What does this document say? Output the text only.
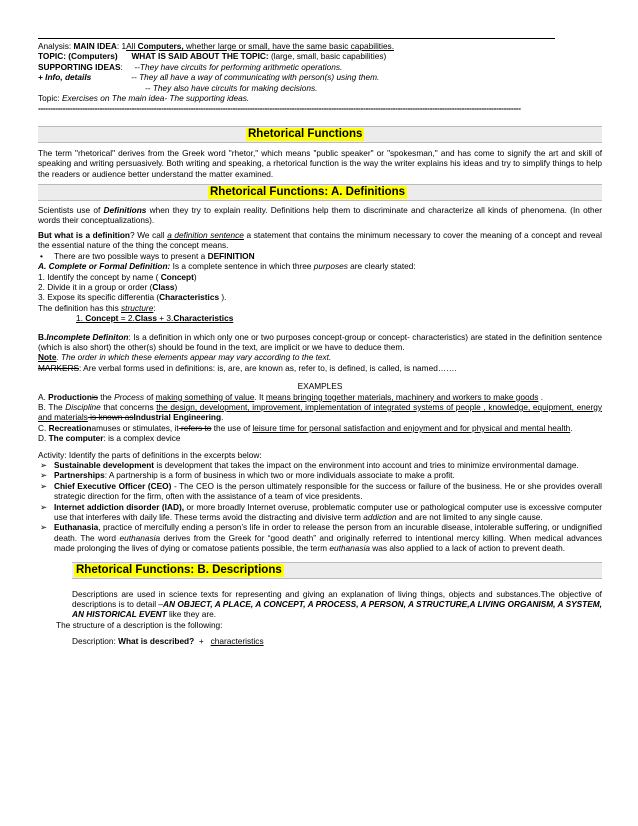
Analysis: MAIN IDEA: 1All Computers, whether large or small, have the same basic capabilities.

TOPIC: (Computers) WHAT IS SAID ABOUT THE TOPIC: (large, small, basic capabilities)

SUPPORTING IDEAS: --They have circuits for performing arithmetic operations.

+ Info, details	-- They all have a way of communicating with person(s) using them.

-- They also have circuits for making decisions.

Topic: Exercises on The main idea- The supporting ideas.

----------------------------------------------------------------------------------------------------------------------------------------------------------------------------------------------------
Rhetorical Functions

The term "rhetorical" derives from the Greek word "rhetor," which means "public speaker" or "spokesman," and has come to signify the art and skill of speaking and writing persuasively. Both writing and speaking, a rhetorical function is the way the writer explains his ideas and try to simplify things to help the readers or audience better understand the matter examined.

Rhetorical Functions: A. Definitions

Scientists use of Definitions when they try to explain reality. Definitions help them to discriminate and characterize all kinds of phenomena. (In other words their conceptualizations).

But what is a definition? We call a definition sentence a statement that contains the minimum necessary to cover the meaning of a concept and reveal the essential nature of the thing the concept means.

• There are two possible ways to present a DEFINITION

A. Complete or Formal Definition: Is a complete sentence in which three purposes are clearly stated:

1. Identify the concept by name ( Concept)

2. Divide it in a group or order (Class)

3. Expose its specific differentia (Characteristics ).

The definition has this structure:

1. Concept = 2.Class + 3.Characteristics

B.Incomplete Definiton: Is a definition in which only one or two purposes concept-group or concept- characteristics) are stated in the definition sentence (which is also short) the other(s) should be found in the text, are implicit or we have to deduce them.

Note. The order in which these elements appear may vary according to the text.

MARKERS: Are verbal forms used in definitions: is, are, are known as, refer to, is defined, is called, is named…….

EXAMPLES

A. Productionis the Process of making something of value. It means bringing together materials, machinery and workers to make goods .

B. The Discipline that concerns the design, development, improvement, implementation of integrated systems of people , knowledge, equipment, energy and materials is known asIndustrial Engineering.

C. Recreationamuses or stimulates, it refers to the use of leisure time for personal satisfaction and enjoyment and for physical and mental health.

D. The computer: is a complex device

Activity: Identify the parts of definitions in the excerpts below:

➢ Sustainable development is development that takes the impact on the environment into account and tries to minimize environmental damage.

➢ Partnerships: A partnership is a form of business in which two or more individuals associate to make a profit.

➢ Chief Executive Officer (CEO) - The CEO is the person ultimately responsible for the success or failure of the business. He or she provides overall strategic direction for the firm, often with the assistance of a team of vice presidents.

➢ Internet addiction disorder (IAD), or more broadly Internet overuse, problematic computer use or pathological computer use is excessive computer use that interferes with daily life. These terms avoid the distracting and divisive term addiction and are not limited to any single cause.

➢ Euthanasia, practice of mercifully ending a person’s life in order to release the person from an incurable disease, intolerable suffering, or undignified death. The word euthanasia derives from the Greek for “good death” and originally referred to intentional mercy killing. When medical advances made prolonging the lives of dying or comatose patients possible, the term euthanasia was also applied to a lack of action to prevent death.

Rhetorical Functions: B. Descriptions

Descriptions are used in science texts for representing and giving an explanation of living things, objects and substances.The objective of descriptions is to detail –AN OBJECT, A PLACE, A CONCEPT, A PROCESS, A PERSON, A STRUCTURE,A LIVING ORGANISM, A SYSTEM, AN HISTORICAL EVENT like they are.

The structure of a description is the following:

Description: What is described?  +   characteristics
